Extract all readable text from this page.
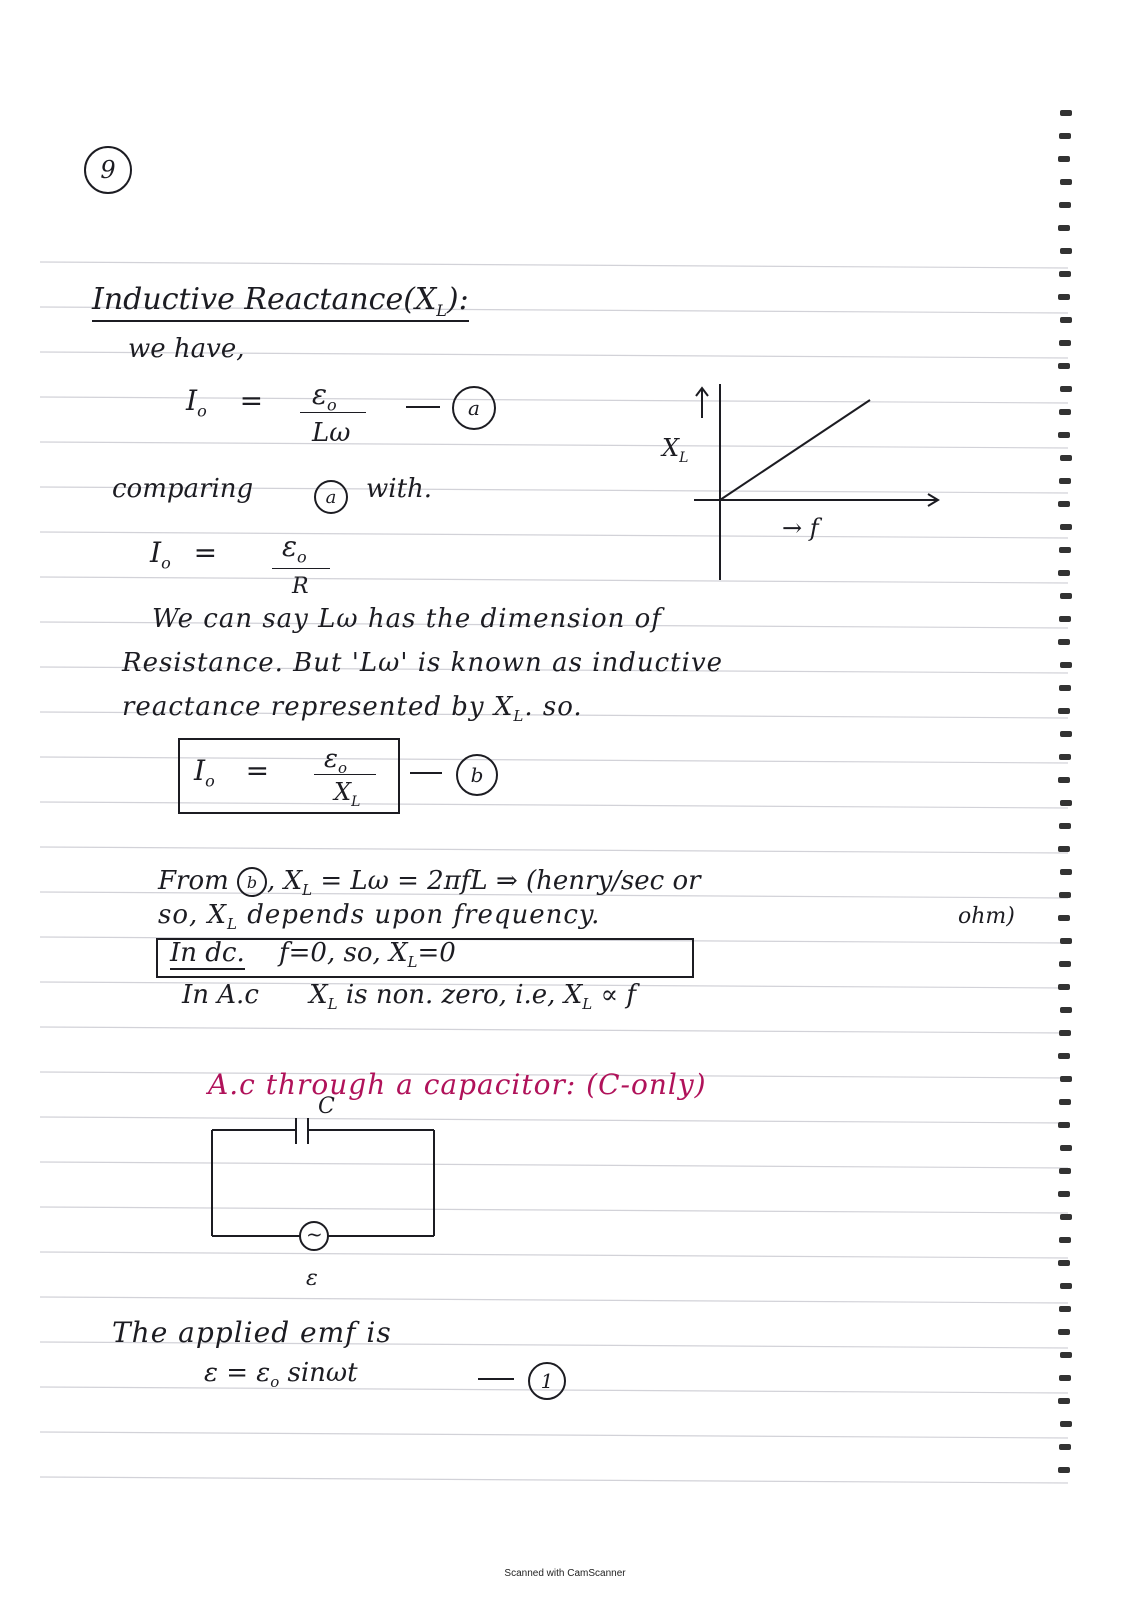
9
Inductive $Reactance(X_L)$:
we have,
$I_o = \varepsilon_o$
Lω
a
comparing	a with.
$I_o = \varepsilon_o$
R
$X_L$
→ f
We can say Lω has the dimension of
Resistance. But 'Lω' is known as inductive
reactance represented by $X_L$. so.
$I_o = \varepsilon_o$
$X_L$
b
From b , $X_L = L\omega = 2\pi fL$ ⇒ (henry/sec or
ohm)
so, $X_L$ depends upon frequency.
In dc. f=0, so, $X_L=0$
In A.c $X_L$ is non. zero, i.e, $X_L \propto f$
A.c through a capacitor: (C-only)
C
~
ε
The applied emf is
$\varepsilon = \varepsilon_o$ sinωt	1
Scanned with CamScanner
